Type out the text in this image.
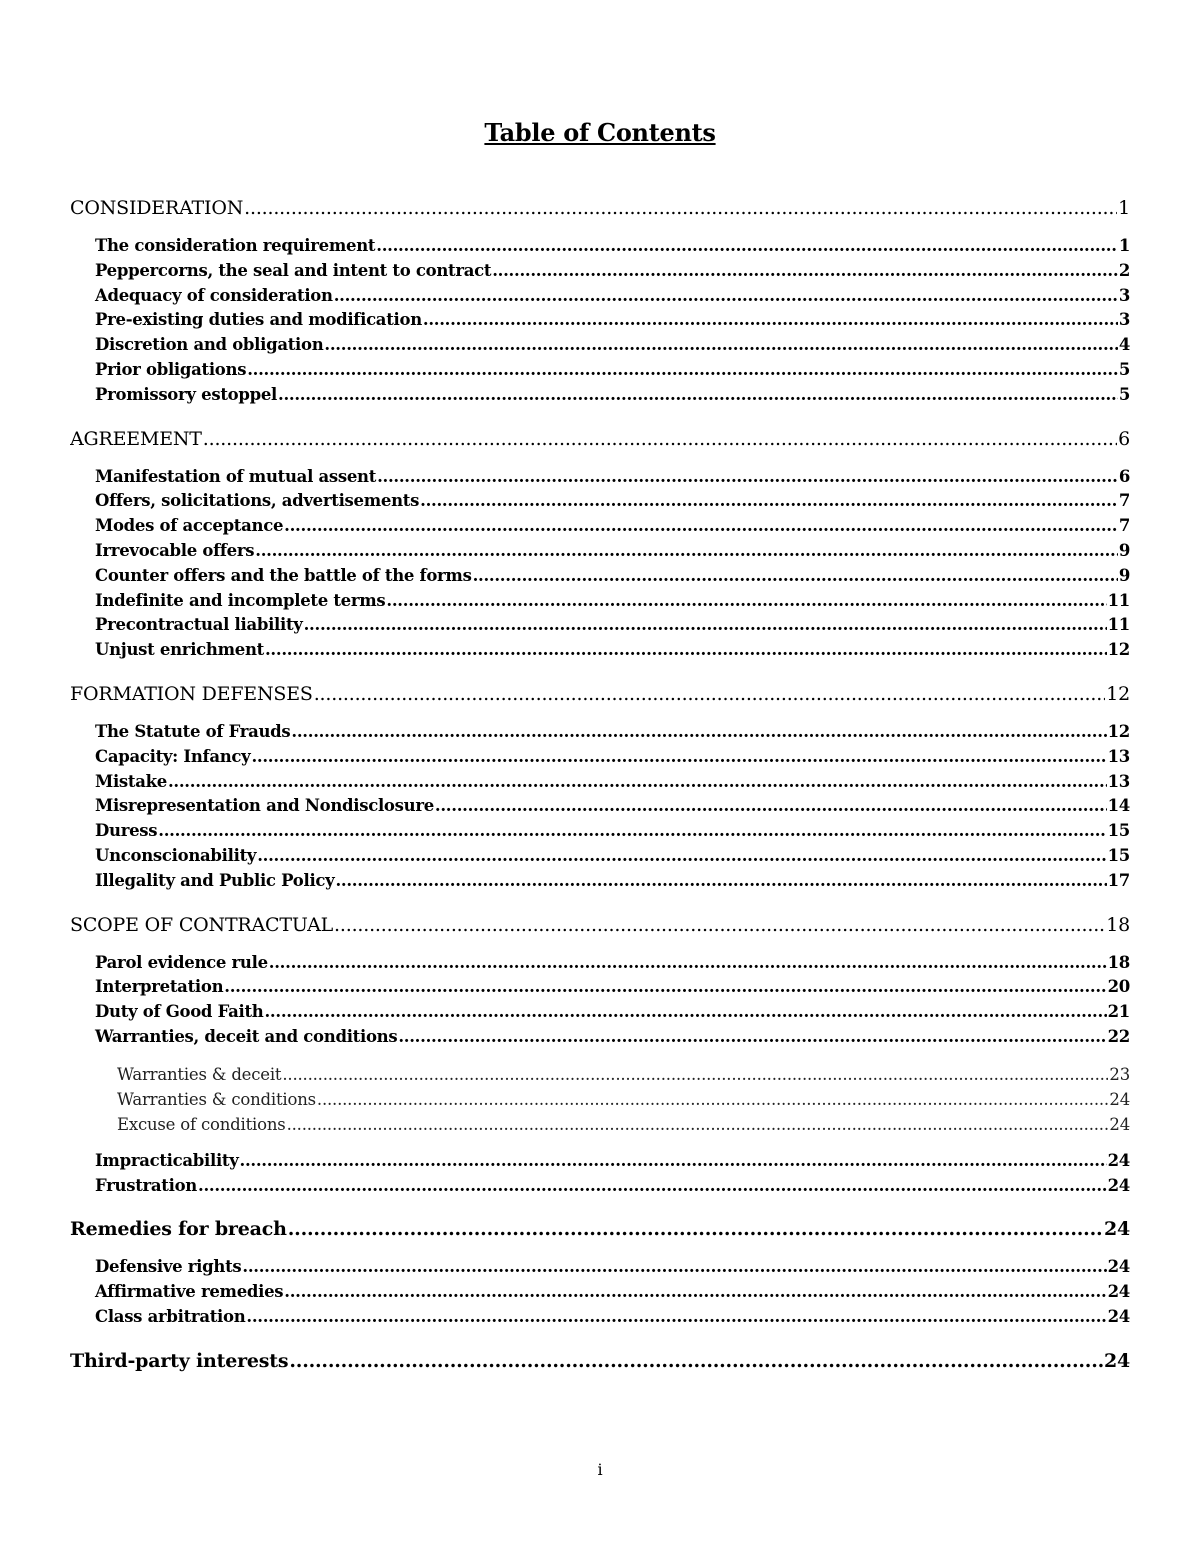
Table of Contents
CONSIDERATION .....	1
The consideration requirement .....	1
Peppercorns, the seal and intent to contract .....	2
Adequacy of consideration .....	3
Pre-existing duties and modification .....	3
Discretion and obligation .....	4
Prior obligations .....	5
Promissory estoppel .....	5
AGREEMENT .....	6
Manifestation of mutual assent .....	6
Offers, solicitations, advertisements .....	7
Modes of acceptance .....	7
Irrevocable offers .....	9
Counter offers and the battle of the forms .....	9
Indefinite and incomplete terms .....	11
Precontractual liability .....	11
Unjust enrichment .....	12
FORMATION DEFENSES .....	12
The Statute of Frauds .....	12
Capacity: Infancy .....	13
Mistake .....	13
Misrepresentation and Nondisclosure .....	14
Duress .....	15
Unconscionability .....	15
Illegality and Public Policy .....	17
SCOPE OF CONTRACTUAL .....	18
Parol evidence rule .....	18
Interpretation .....	20
Duty of Good Faith .....	21
Warranties, deceit and conditions .....	22
Warranties & deceit .....	23
Warranties & conditions .....	24
Excuse of conditions .....	24
Impracticability .....	24
Frustration .....	24
Remedies for breach .....	24
Defensive rights .....	24
Affirmative remedies .....	24
Class arbitration .....	24
Third-party interests .....	24
i
